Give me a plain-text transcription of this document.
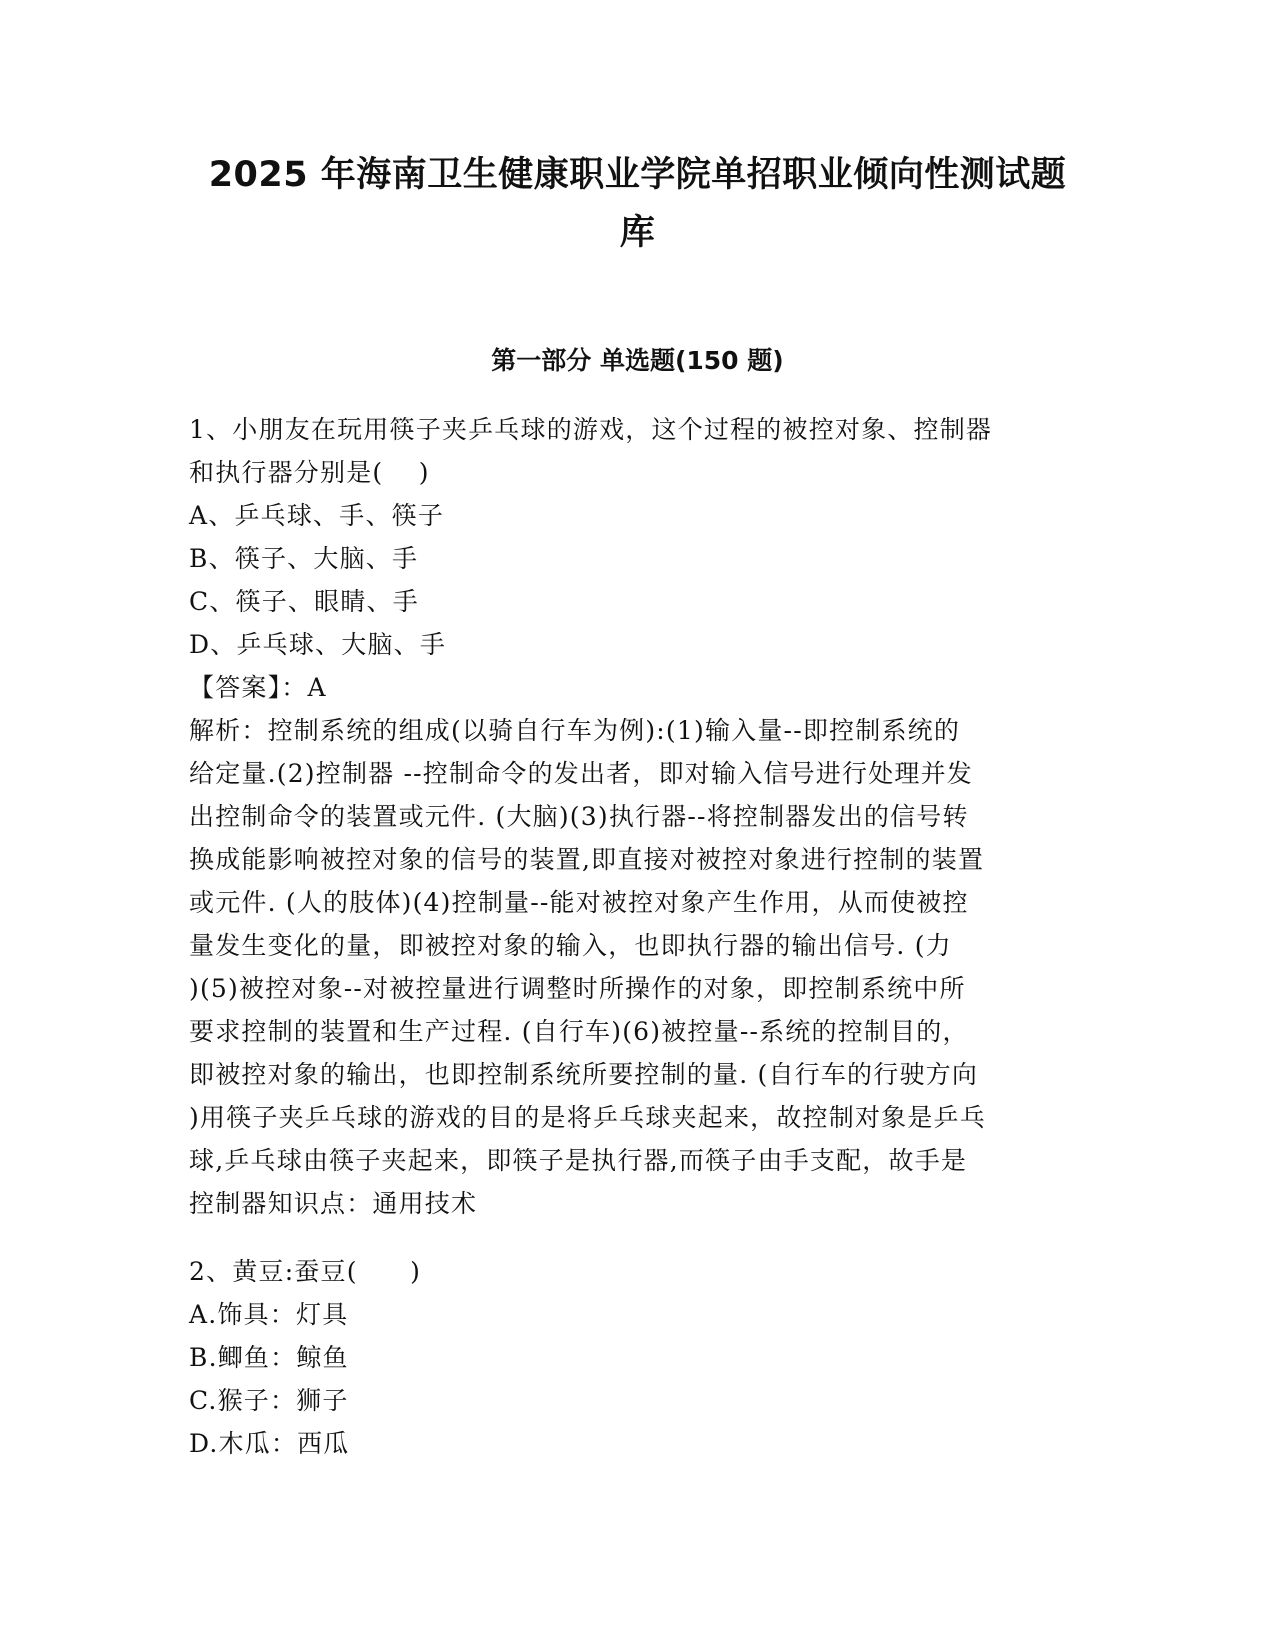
2025 年海南卫生健康职业学院单招职业倾向性测试题
库
第一部分 单选题(150 题)
1、小朋友在玩用筷子夹乒乓球的游戏，这个过程的被控对象、控制器
和执行器分别是(　 )
A、乒乓球、手、筷子
B、筷子、大脑、手
C、筷子、眼睛、手
D、乒乓球、大脑、手
【答案】：A
解析：控制系统的组成(以骑自行车为例):(1)输入量--即控制系统的
给定量.(2)控制器 --控制命令的发出者，即对输入信号进行处理并发
出控制命令的装置或元件. (大脑)(3)执行器--将控制器发出的信号转
换成能影响被控对象的信号的装置,即直接对被控对象进行控制的装置
或元件. (人的肢体)(4)控制量--能对被控对象产生作用，从而使被控
量发生变化的量，即被控对象的输入，也即执行器的输出信号. (力
)(5)被控对象--对被控量进行调整时所操作的对象，即控制系统中所
要求控制的装置和生产过程. (自行车)(6)被控量--系统的控制目的，
即被控对象的输出，也即控制系统所要控制的量. (自行车的行驶方向
)用筷子夹乒乓球的游戏的目的是将乒乓球夹起来，故控制对象是乒乓
球,乒乓球由筷子夹起来，即筷子是执行器,而筷子由手支配，故手是
控制器知识点：通用技术
2、黄豆:蚕豆(　　)
A.饰具：灯具
B.鲫鱼：鲸鱼
C.猴子：狮子
D.木瓜：西瓜
